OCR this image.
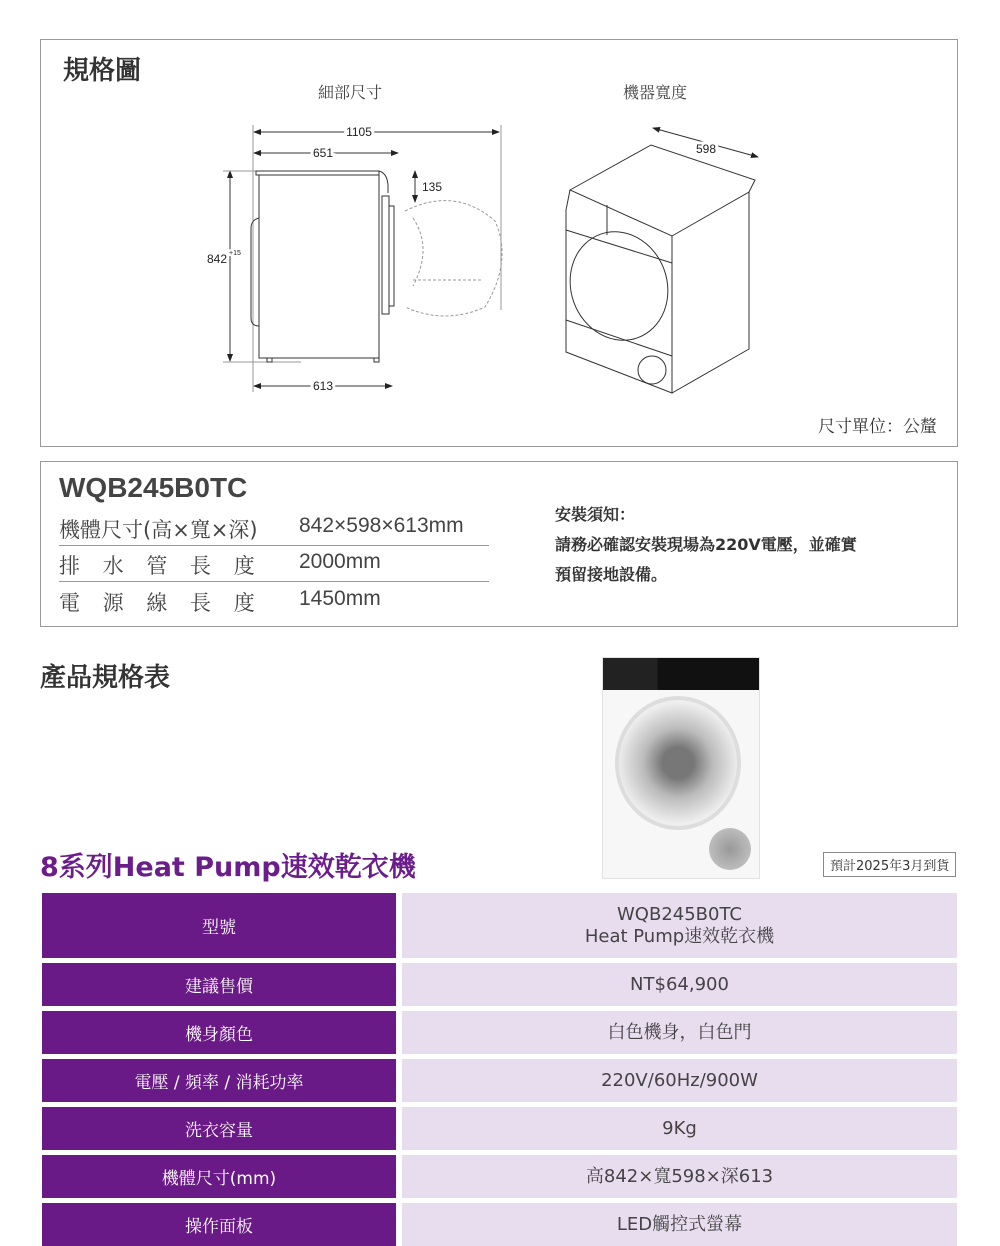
規格圖
細部尺寸	機器寬度
1105
651
135
842 +15
613
598
尺寸單位：公釐
WQB245B0TC
機體尺寸(高×寬×深)	842×598×613mm
排 水 管 長 度	2000mm
電 源 線 長 度	1450mm
安裝須知：
請務必確認安裝現場為220V電壓，並確實
預留接地設備。
產品規格表
8系列Heat Pump速效乾衣機	預計2025年3月到貨
型號
WQB245B0TC
Heat Pump速效乾衣機
建議售價	NT$64,900
機身顏色	白色機身，白色門
電壓 / 頻率 / 消耗功率	220V/60Hz/900W
洗衣容量	9Kg
機體尺寸(mm)	高842×寬598×深613
操作面板	LED觸控式螢幕
